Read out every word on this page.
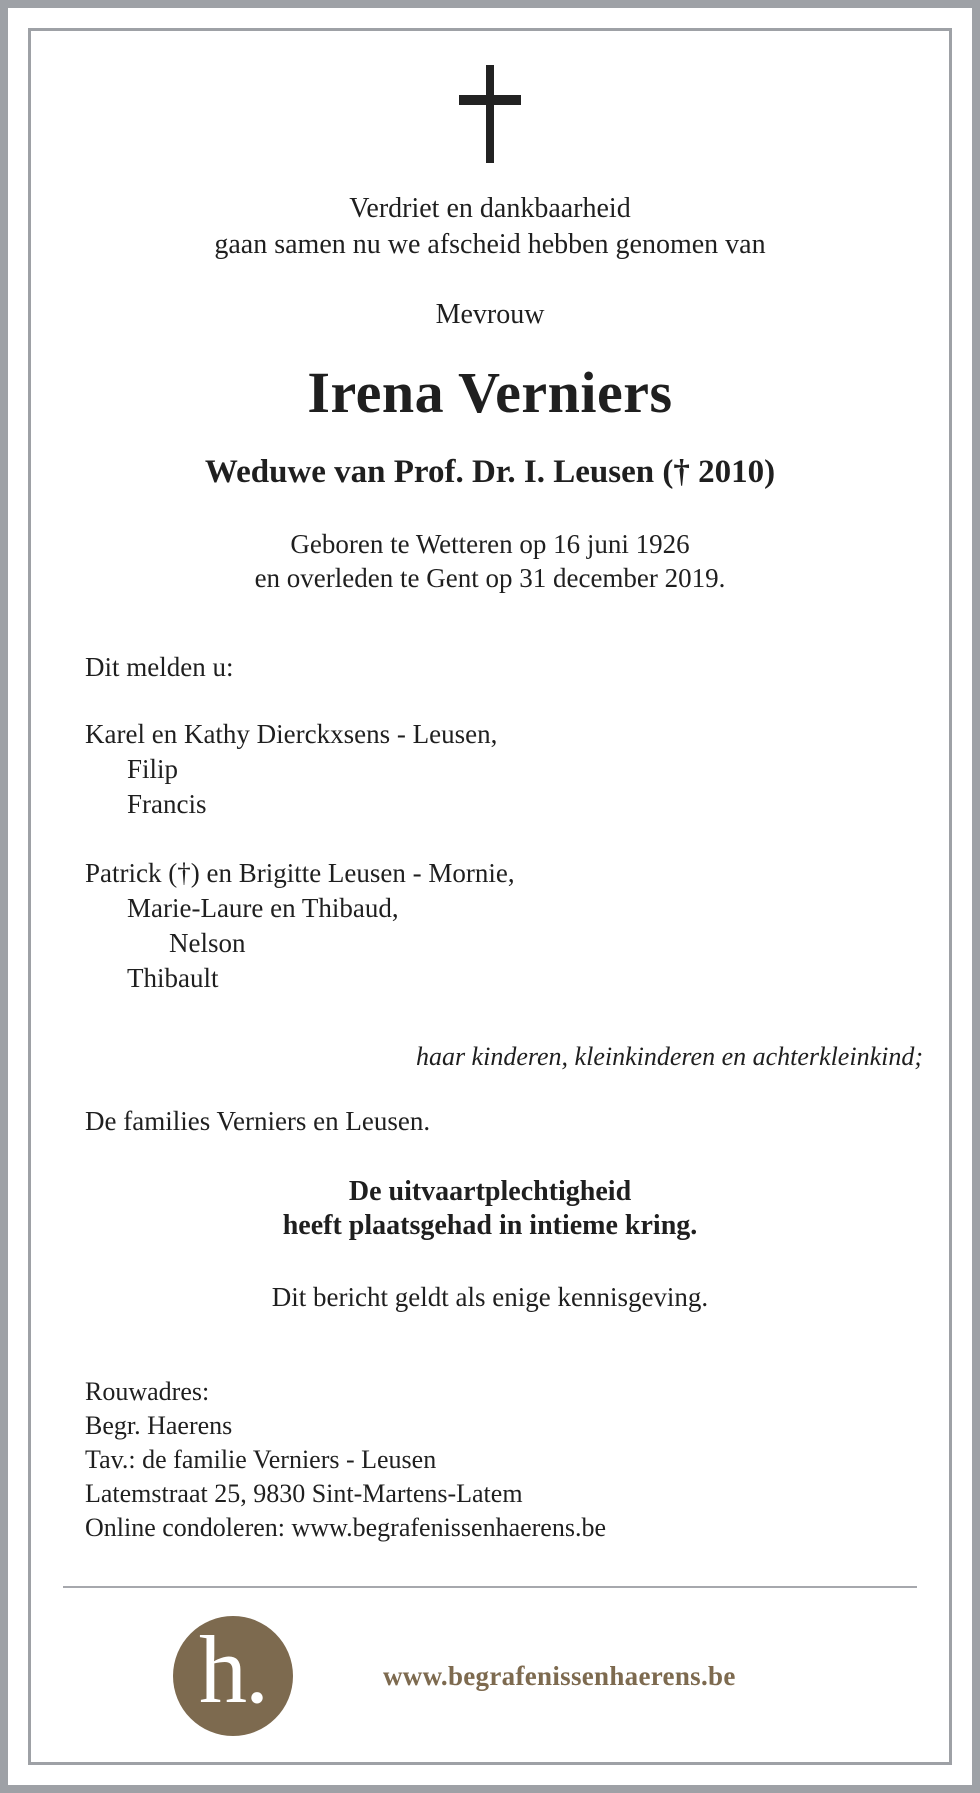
Verdriet en dankbaarheid
gaan samen nu we afscheid hebben genomen van
Mevrouw
Irena Verniers
Weduwe van Prof. Dr. I. Leusen († 2010)
Geboren te Wetteren op 16 juni 1926
en overleden te Gent op 31 december 2019.
Dit melden u:
Karel en Kathy Dierckxsens - Leusen,
Filip
Francis
Patrick (†) en Brigitte Leusen - Mornie,
Marie-Laure en Thibaud,
Nelson
Thibault
haar kinderen, kleinkinderen en achterkleinkind;
De families Verniers en Leusen.
De uitvaartplechtigheid
heeft plaatsgehad in intieme kring.
Dit bericht geldt als enige kennisgeving.
Rouwadres:
Begr. Haerens
Tav.: de familie Verniers - Leusen
Latemstraat 25, 9830 Sint-Martens-Latem
Online condoleren: www.begrafenissenhaerens.be
h.	www.begrafenissenhaerens.be
